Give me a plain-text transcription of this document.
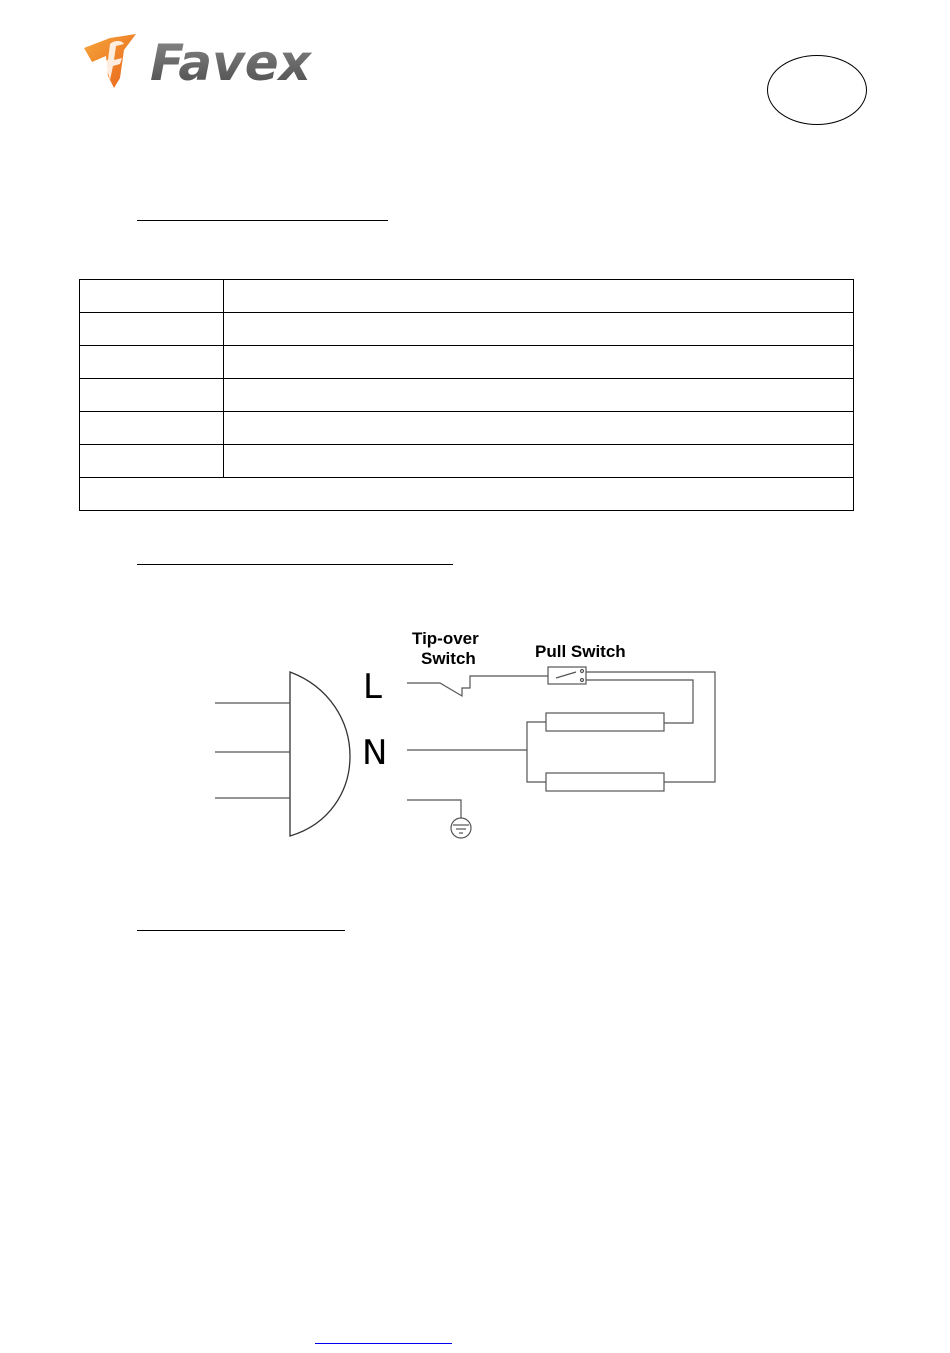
Favex

L
N
Tip-over
Switch	Pull Switch
